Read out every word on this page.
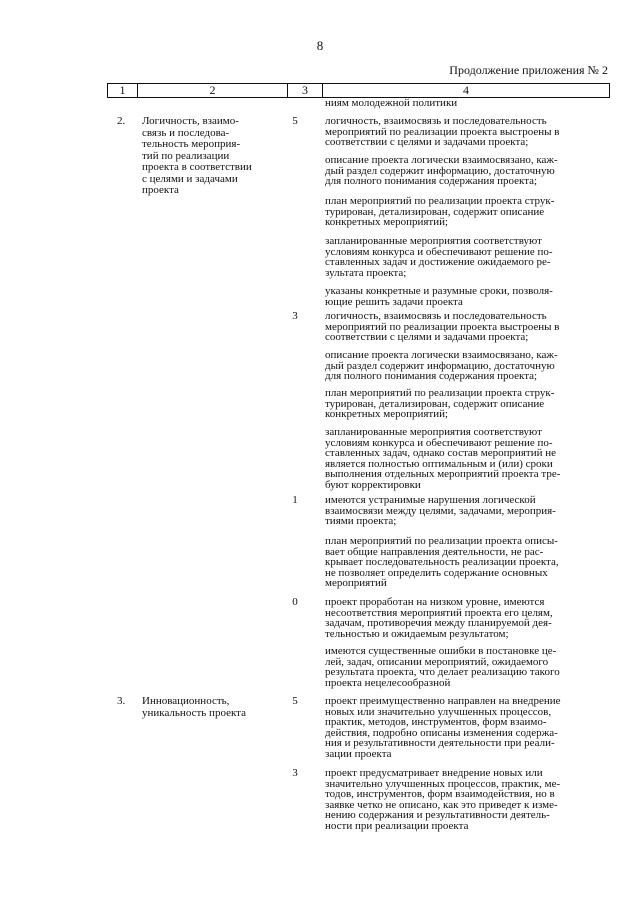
8
Продолжение приложения № 2
1	2	3	4
ниям молодежной политики
2.	Логичность, взаимо-
связь и последова-
тельность мероприя-
тий по реализации
проекта в соответствии
с целями и задачами
проекта
5	логичность, взаимосвязь и последовательность
мероприятий по реализации проекта выстроены в
соответствии с целями и задачами проекта;
описание проекта логически взаимосвязано, каж-
дый раздел содержит информацию, достаточную
для полного понимания содержания проекта;
план мероприятий по реализации проекта струк-
турирован, детализирован, содержит описание
конкретных мероприятий;
запланированные мероприятия соответствуют
условиям конкурса и обеспечивают решение по-
ставленных задач и достижение ожидаемого ре-
зультата проекта;
указаны конкретные и разумные сроки, позволя-
ющие решить задачи проекта
3	логичность, взаимосвязь и последовательность
мероприятий по реализации проекта выстроены в
соответствии с целями и задачами проекта;
описание проекта логически взаимосвязано, каж-
дый раздел содержит информацию, достаточную
для полного понимания содержания проекта;
план мероприятий по реализации проекта струк-
турирован, детализирован, содержит описание
конкретных мероприятий;
запланированные мероприятия соответствуют
условиям конкурса и обеспечивают решение по-
ставленных задач, однако состав мероприятий не
является полностью оптимальным и (или) сроки
выполнения отдельных мероприятий проекта тре-
буют корректировки
1	имеются устранимые нарушения логической
взаимосвязи между целями, задачами, мероприя-
тиями проекта;
план мероприятий по реализации проекта описы-
вает общие направления деятельности, не рас-
крывает последовательность реализации проекта,
не позволяет определить содержание основных
мероприятий
0	проект проработан на низком уровне, имеются
несоответствия мероприятий проекта его целям,
задачам, противоречия между планируемой дея-
тельностью и ожидаемым результатом;
имеются существенные ошибки в постановке це-
лей, задач, описании мероприятий, ожидаемого
результата проекта, что делает реализацию такого
проекта нецелесообразной
3.	Инновационность,
уникальность проекта
5	проект преимущественно направлен на внедрение
новых или значительно улучшенных процессов,
практик, методов, инструментов, форм взаимо-
действия, подробно описаны изменения содержа-
ния и результативности деятельности при реали-
зации проекта
3	проект предусматривает внедрение новых или
значительно улучшенных процессов, практик, ме-
тодов, инструментов, форм взаимодействия, но в
заявке четко не описано, как это приведет к изме-
нению содержания и результативности деятель-
ности при реализации проекта
